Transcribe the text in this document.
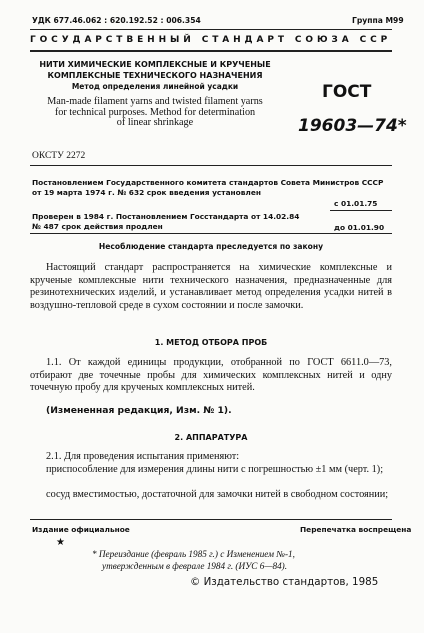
УДК 677.46.062 : 620.192.52 : 006.354	Группа М99
ГОСУДАРСТВЕННЫЙ СТАНДАРТ СОЮЗА ССР
НИТИ ХИМИЧЕСКИЕ КОМПЛЕКСНЫЕ И КРУЧЕНЫЕ
КОМПЛЕКСНЫЕ ТЕХНИЧЕСКОГО НАЗНАЧЕНИЯ
Метод определения линейной усадки
Man-made filament yarns and twisted filament yarns
for technical purposes. Method for determination
of linear shrinkage
ГОСТ
19603—74*
ОКСТУ 2272
Постановлением Государственного комитета стандартов Совета Министров СССР
от 19 марта 1974 г. № 632 срок введения установлен
с 01.01.75
Проверен в 1984 г. Постановлением Госстандарта от 14.02.84
№ 487 срок действия продлен	до 01.01.90
Несоблюдение стандарта преследуется по закону

Настоящий стандарт распространяется на химические комплексные и крученые комплексные нити технического назначения, предназначенные для резинотехнических изделий, и устанавливает метод определения усадки нитей в воздушно-тепловой среде в сухом состоянии и после замочки.

1. МЕТОД ОТБОРА ПРОБ

1.1. От каждой единицы продукции, отобранной по ГОСТ 6611.0—73, отбирают две точечные пробы для химических комплексных нитей и одну точечную пробу для крученых комплексных нитей.

(Измененная редакция, Изм. № 1).

2. АППАРАТУРА

2.1. Для проведения испытания применяют:

приспособление для измерения длины нити с погрешностью ±1 мм (черт. 1);

сосуд вместимостью, достаточной для замочки нитей в свободном состоянии;

Издание официальное	Перепечатка воспрещена
★
* Переиздание (февраль 1985 г.) с Изменением №-1,
утвержденным в феврале 1984 г. (ИУС 6—84).
© Издательство стандартов, 1985
